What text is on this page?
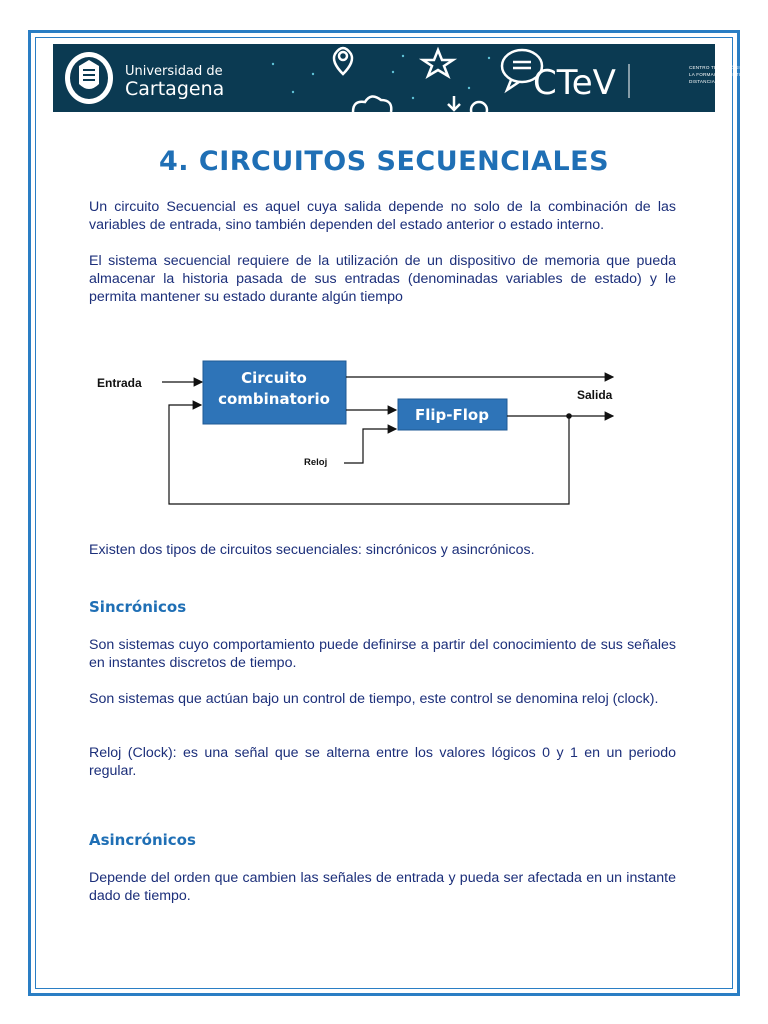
Universidad de
Cartagena	CTeV	CENTRO TECNOLÓGICO PARA LA FORMACIÓN VIRTUAL Y A DISTANCIA
4. CIRCUITOS SECUENCIALES
Un circuito Secuencial es aquel cuya salida depende no solo de la combinación de las variables de entrada, sino también dependen del estado anterior o estado interno.
El sistema secuencial requiere de la utilización de un dispositivo de memoria que pueda almacenar la historia pasada de sus entradas (denominadas variables de estado) y le permita mantener su estado durante algún tiempo
Entrada	Circuito
combinatorio
Flip-Flop
Reloj
Salida
Existen dos tipos de circuitos secuenciales: sincrónicos y asincrónicos.
Sincrónicos
Son sistemas cuyo comportamiento puede definirse a partir del conocimiento de sus señales en instantes discretos de tiempo.
Son sistemas que actúan bajo un control de tiempo, este control se denomina reloj (clock).
Reloj (Clock): es una señal que se alterna entre los valores lógicos 0 y 1 en un periodo regular.
Asincrónicos
Depende del orden que cambien las señales de entrada y pueda ser afectada en un instante dado de tiempo.
